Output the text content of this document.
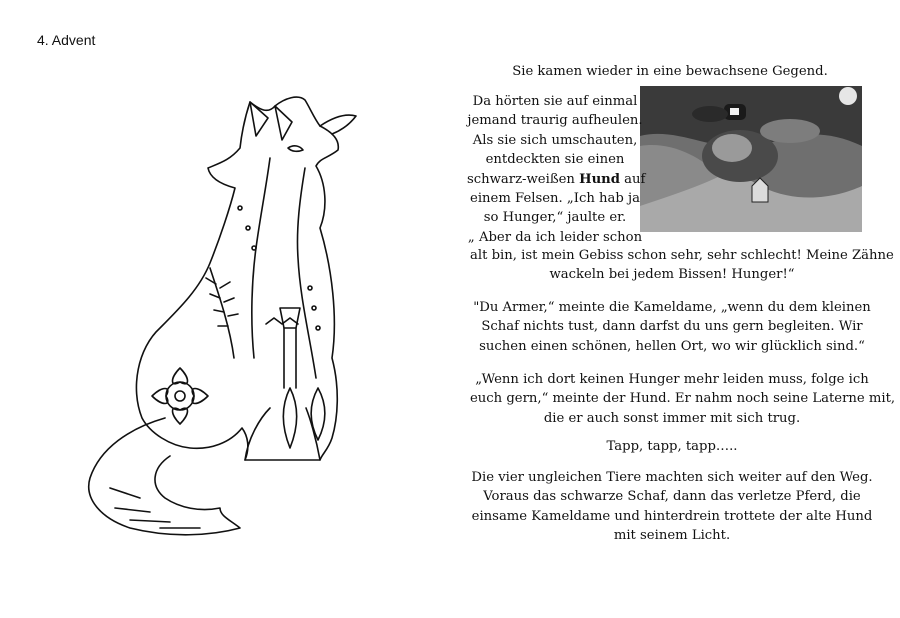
4. Advent
Sie kamen wieder in eine bewachsene Gegend.
Da hörten sie auf einmal
jemand traurig aufheulen.
Als sie sich umschauten,
entdeckten sie einen
schwarz-weißen Hund auf
einem Felsen. „Ich hab ja
so Hunger,“ jaulte er.
„ Aber da ich leider schon
alt bin, ist mein Gebiss schon sehr, sehr schlecht! Meine Zähne
wackeln bei jedem Bissen! Hunger!“
"Du Armer,“ meinte die Kameldame, „wenn du dem kleinen
Schaf nichts tust, dann darfst du uns gern begleiten. Wir
suchen einen schönen, hellen Ort, wo wir glücklich sind.“
„Wenn ich dort keinen Hunger mehr leiden muss, folge ich
euch gern,“ meinte der Hund. Er nahm noch seine Laterne mit,
die er auch sonst immer mit sich trug.
Tapp, tapp, tapp…..
Die vier ungleichen Tiere machten sich weiter auf den Weg.
Voraus das schwarze Schaf, dann das verletze Pferd, die
einsame Kameldame und hinterdrein trottete der alte Hund
mit seinem Licht.
